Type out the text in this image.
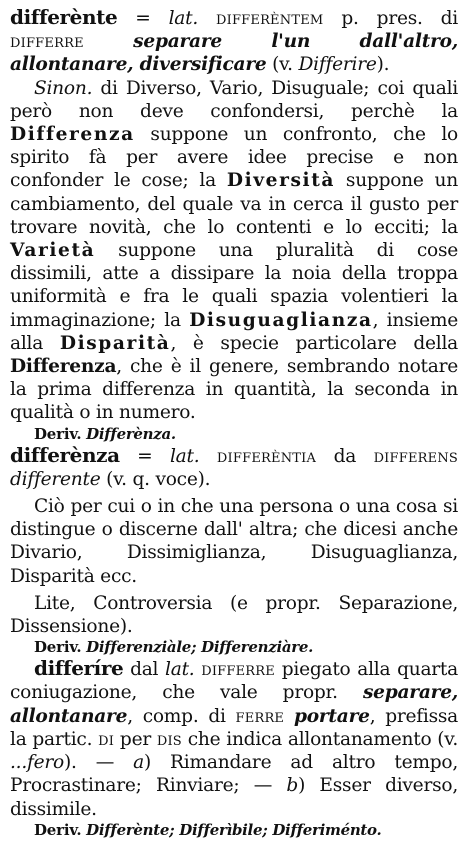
differènte = lat. differèntem p. pres. di differre separare l'un dall'altro, allontanare, diversificare (v. Differire).

Sinon. di Diverso, Vario, Disuguale; coi quali però non deve confondersi, perchè la Differenza suppone un confronto, che lo spirito fà per avere idee precise e non confonder le cose; la Diversità suppone un cambiamento, del quale va in cerca il gusto per trovare novità, che lo contenti e lo ecciti; la Varietà suppone una pluralità di cose dissimili, atte a dissipare la noia della troppa uniformità e fra le quali spazia volentieri la immaginazione; la Disuguaglianza, insieme alla Disparità, è specie particolare della Differenza, che è il genere, sembrando notare la prima differenza in quantità, la seconda in qualità o in numero.

Deriv. Differènza.

differènza = lat. differèntia da differens differente (v. q. voce).

Ciò per cui o in che una persona o una cosa si distingue o discerne dall' altra; che dicesi anche Divario, Dissimiglianza, Disuguaglianza, Disparità ecc.

Lite, Controversia (e propr. Separazione, Dissensione).

Deriv. Differenziàle; Differenziàre.

differíre dal lat. differre piegato alla quarta coniugazione, che vale propr. separare, allontanare, comp. di ferre portare, prefissa la partic. di per dis che indica allontanamento (v. ...fero). — a) Rimandare ad altro tempo, Procrastinare; Rinviare; — b) Esser diverso, dissimile.

Deriv. Differènte; Differìbile; Differiménto.
